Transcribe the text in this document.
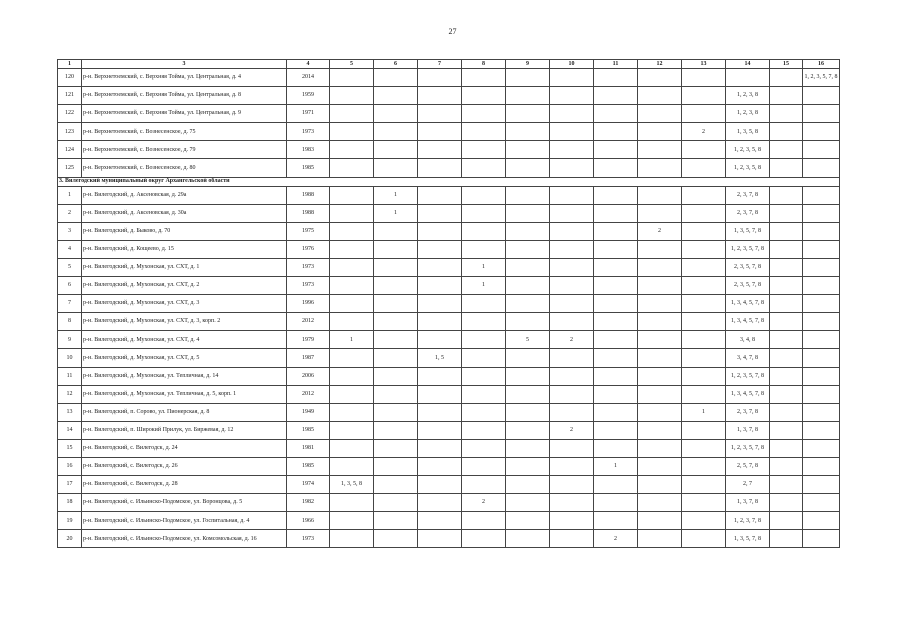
27
1	3	4	5	6	7	8	9	10	11	12	13	14	15	16
120	р-н. Верхнетоемский, с. Верхняя Тойма, ул. Центральная, д. 4	2014												1, 2, 3, 5, 7, 8
121	р-н. Верхнетоемский, с. Верхняя Тойма, ул. Центральная, д. 8	1959										1, 2, 3, 8		
122	р-н. Верхнетоемский, с. Верхняя Тойма, ул. Центральная, д. 9	1971										1, 2, 3, 8		
123	р-н. Верхнетоемский, с. Вознесенское, д. 75	1973									2	1, 3, 5, 8		
124	р-н. Верхнетоемский, с. Вознесенское, д. 79	1983										1, 2, 3, 5, 8		
125	р-н. Верхнетоемский, с. Вознесенское, д. 80	1985										1, 2, 3, 5, 8		
3. Вилегодский муниципальный округ Архангельской области														
1	р-н. Вилегодский, д. Аксеновская, д. 29а	1988		1								2, 3, 7, 8		
2	р-н. Вилегодский, д. Аксеновская, д. 30а	1988		1								2, 3, 7, 8		
3	р-н. Вилегодский, д. Быково, д. 70	1975								2		1, 3, 5, 7, 8		
4	р-н. Вилегодский, д. Кощеево, д. 15	1976										1, 2, 3, 5, 7, 8		
5	р-н. Вилегодский, д. Мухонская, ул. СХТ, д. 1	1973				1						2, 3, 5, 7, 8		
6	р-н. Вилегодский, д. Мухонская, ул. СХТ, д. 2	1973				1						2, 3, 5, 7, 8		
7	р-н. Вилегодский, д. Мухонская, ул. СХТ, д. 3	1996										1, 3, 4, 5, 7, 8		
8	р-н. Вилегодский, д. Мухонская, ул. СХТ, д. 3, корп. 2	2012										1, 3, 4, 5, 7, 8		
9	р-н. Вилегодский, д. Мухонская, ул. СХТ, д. 4	1979	1				5	2				3, 4, 8		
10	р-н. Вилегодский, д. Мухонская, ул. СХТ, д. 5	1987			1, 5							3, 4, 7, 8		
11	р-н. Вилегодский, д. Мухонская, ул. Тепличная, д. 14	2006										1, 2, 3, 5, 7, 8		
12	р-н. Вилегодский, д. Мухонская, ул. Тепличная, д. 5, корп. 1	2012										1, 3, 4, 5, 7, 8		
13	р-н. Вилегодский, п. Сорово, ул. Пионерская, д. 8	1949									1	2, 3, 7, 8		
14	р-н. Вилегодский, п. Широкий Прилук, ул. Биржевая, д. 12	1985						2				1, 3, 7, 8		
15	р-н. Вилегодский, с. Вилегодск, д. 24	1981										1, 2, 3, 5, 7, 8		
16	р-н. Вилегодский, с. Вилегодск, д. 26	1985							1			2, 5, 7, 8		
17	р-н. Вилегодский, с. Вилегодск, д. 28	1974	1, 3, 5, 8									2, 7		
18	р-н. Вилегодский, с. Ильинско-Подомское, ул. Воронцова, д. 5	1982				2						1, 3, 7, 8		
19	р-н. Вилегодский, с. Ильинско-Подомское, ул. Госпитальная, д. 4	1966										1, 2, 3, 7, 8		
20	р-н. Вилегодский, с. Ильинско-Подомское, ул. Комсомольская, д. 16	1973							2			1, 3, 5, 7, 8		
